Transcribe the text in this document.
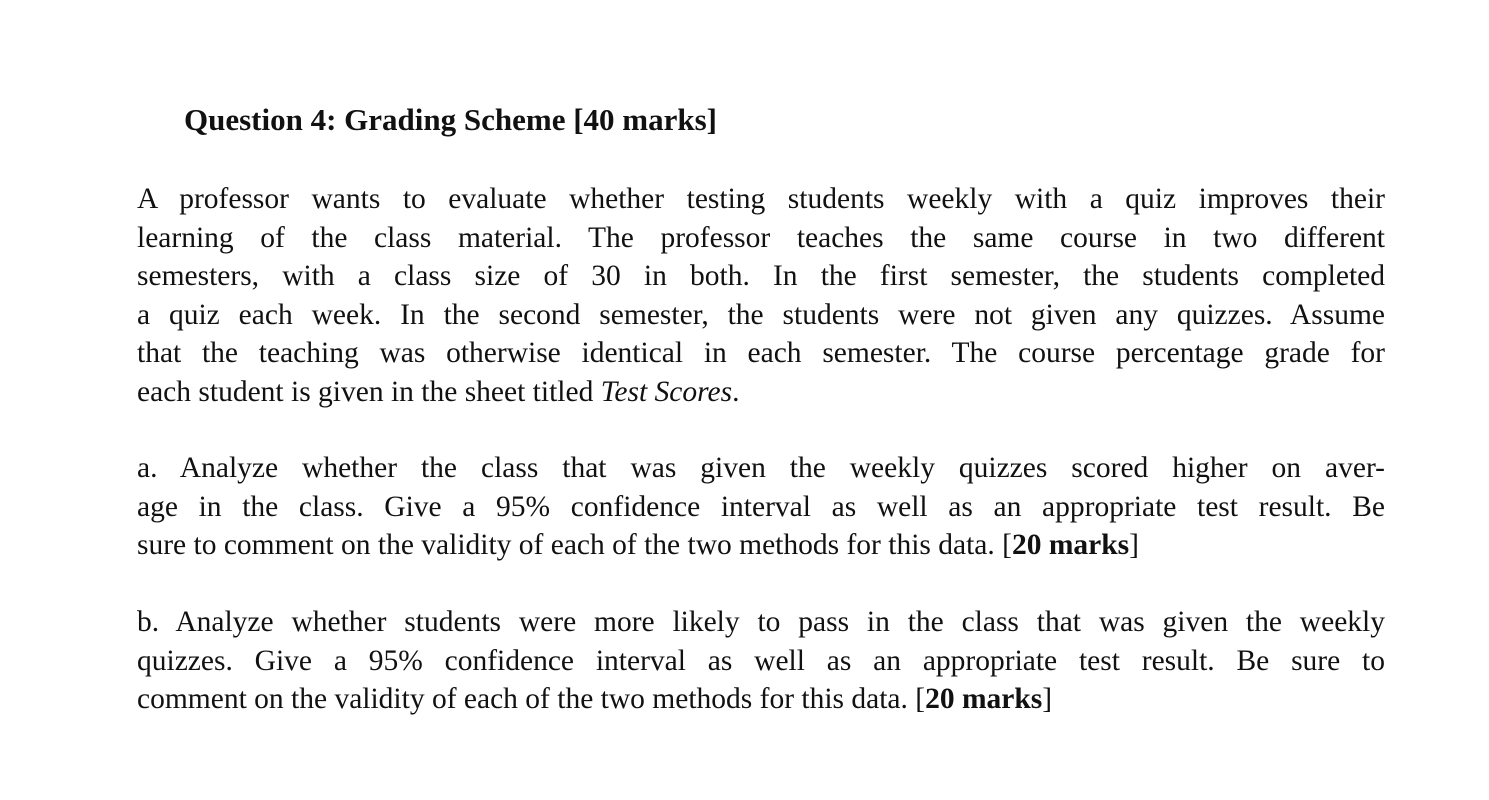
Question 4: Grading Scheme [40 marks]

A professor wants to evaluate whether testing students weekly with a quiz improves their
learning of the class material. The professor teaches the same course in two different
semesters, with a class size of 30 in both. In the first semester, the students completed
a quiz each week. In the second semester, the students were not given any quizzes. Assume
that the teaching was otherwise identical in each semester. The course percentage grade for
each student is given in the sheet titled Test Scores.

a. Analyze whether the class that was given the weekly quizzes scored higher on aver-
age in the class. Give a 95% confidence interval as well as an appropriate test result. Be
sure to comment on the validity of each of the two methods for this data. [20 marks]

b. Analyze whether students were more likely to pass in the class that was given the weekly
quizzes. Give a 95% confidence interval as well as an appropriate test result. Be sure to
comment on the validity of each of the two methods for this data. [20 marks]
